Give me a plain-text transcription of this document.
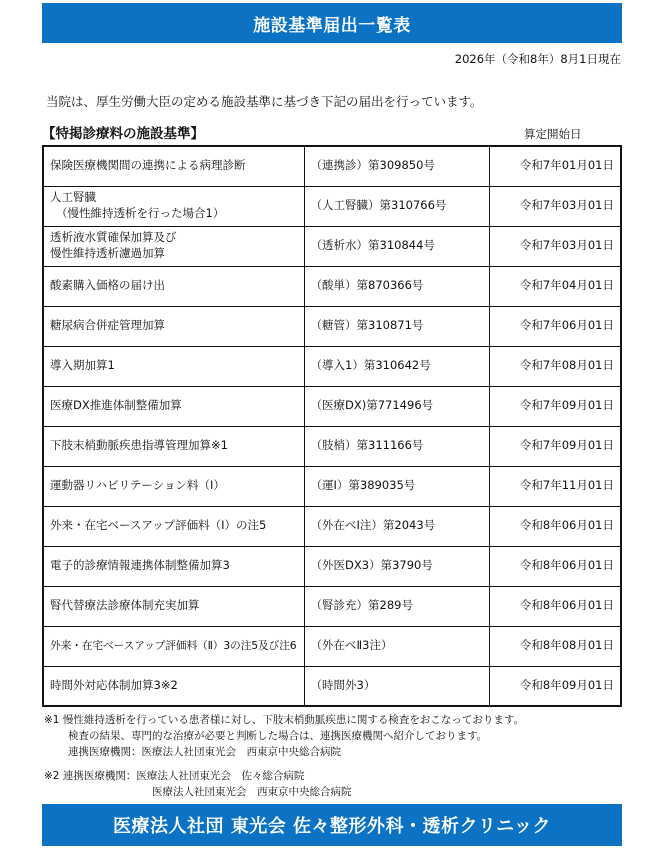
施設基準届出一覧表
2026年（令和8年）8月1日現在
当院は、厚生労働大臣の定める施設基準に基づき下記の届出を行っています。
【特掲診療料の施設基準】	算定開始日
保険医療機関間の連携による病理診断	（連携診）第309850号	令和7年01月01日
人工腎臓
（慢性維持透析を行った場合1）	（人工腎臓）第310766号	令和7年03月01日
透析液水質確保加算及び
慢性維持透析濾過加算	（透析水）第310844号	令和7年03月01日
酸素購入価格の届け出	（酸単）第870366号	令和7年04月01日
糖尿病合併症管理加算	（糖管）第310871号	令和7年06月01日
導入期加算1	（導入1）第310642号	令和7年08月01日
医療DX推進体制整備加算	（医療DX)第771496号	令和7年09月01日
下肢末梢動脈疾患指導管理加算※1	（肢梢）第311166号	令和7年09月01日
運動器リハビリテーション料（Ⅰ）	（運Ⅰ）第389035号	令和7年11月01日
外来・在宅ベースアップ評価料（Ⅰ）の注5	（外在ベⅠ注）第2043号	令和8年06月01日
電子的診療情報連携体制整備加算3	（外医DX3）第3790号	令和8年06月01日
腎代替療法診療体制充実加算	（腎診充）第289号	令和8年06月01日
外来・在宅ベースアップ評価料（Ⅱ）3の注5及び注6	（外在ベⅡ3注）	令和8年08月01日
時間外対応体制加算3※2	（時間外3）	令和8年09月01日
※1 慢性維持透析を行っている患者様に対し、下肢末梢動脈疾患に関する検査をおこなっております。
検査の結果、専門的な治療が必要と判断した場合は、連携医療機関へ紹介しております。
連携医療機関：医療法人社団東光会　西東京中央総合病院
※2 連携医療機関：医療法人社団東光会　佐々総合病院
医療法人社団東光会　西東京中央総合病院
医療法人社団 東光会 佐々整形外科・透析クリニック
